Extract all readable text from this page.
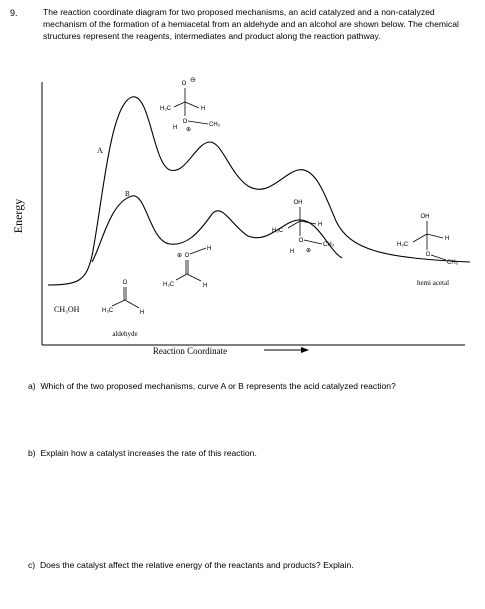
9.	The reaction coordinate diagram for two proposed mechanisms, an acid catalyzed and a non-catalyzed mechanism of the formation of a hemiacetal from an aldehyde and an alcohol are shown below. The chemical structures represent the reagents, intermediates and product along the reaction pathway.
Energy
Reaction Coordinate
A
B
CH₃OH
O
H₃C	H
aldehyde
O ⊖
H₃C	H
O	CH₃
H ⊕
⊕ O
H
H₃C	H
OH
H₃C
H
O
CH₃
H ⊕
OH
H₃C
H
O
CH₃
hemi acetal
a) Which of the two proposed mechanisms, curve A or B represents the acid catalyzed reaction?
b) Explain how a catalyst increases the rate of this reaction.
c) Does the catalyst affect the relative energy of the reactants and products? Explain.
